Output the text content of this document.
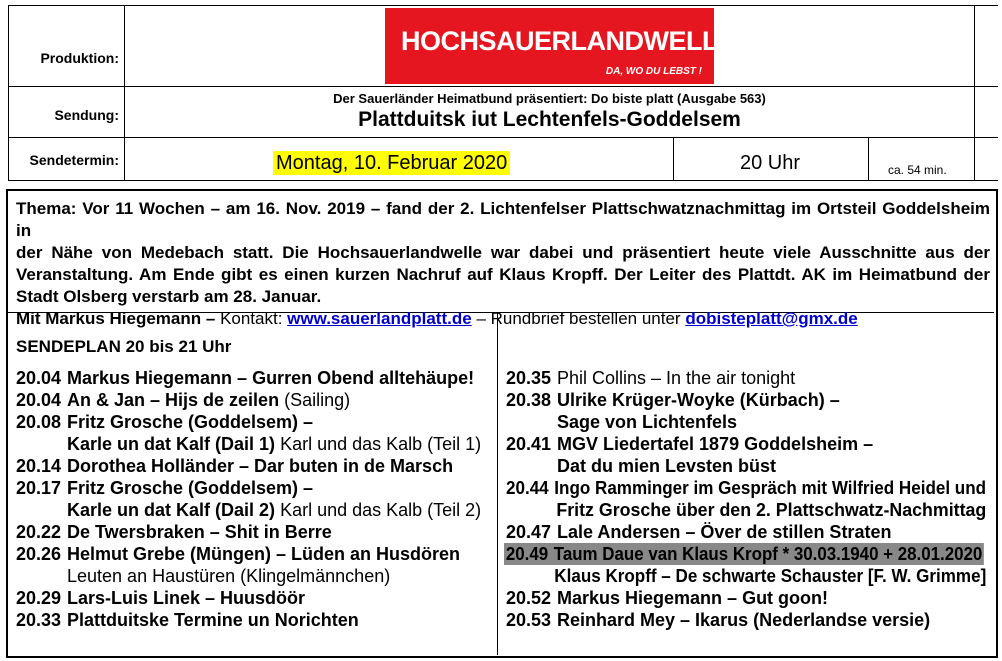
Produktion:
Sendung:
Sendetermin:
HOCHSAUERLANDWELLE
DA, WO DU LEBST !
Der Sauerländer Heimatbund präsentiert: Do biste platt (Ausgabe 563)
Plattduitsk iut Lechtenfels-Goddelsem
Montag, 10. Februar 2020	20 Uhr	ca. 54 min.
Thema: Vor 11 Wochen – am 16. Nov. 2019 – fand der 2. Lichtenfelser Plattschwatznachmittag im Ortsteil Goddelsheim in
der Nähe von Medebach statt. Die Hochsauerlandwelle war dabei und präsentiert heute viele Ausschnitte aus der
Veranstaltung. Am Ende gibt es einen kurzen Nachruf auf Klaus Kropff. Der Leiter des Plattdt. AK im Heimatbund der
Stadt Olsberg verstarb am 28. Januar.
Mit Markus Hiegemann – Kontakt: www.sauerlandplatt.de – Rundbrief bestellen unter dobisteplatt@gmx.de
SENDEPLAN 20 bis 21 Uhr
20.04 Markus Hiegemann – Gurren Obend alltehäupe!
20.04 An & Jan – Hijs de zeilen (Sailing)
20.08 Fritz Grosche (Goddelsem) –
Karle un dat Kalf (Dail 1) Karl und das Kalb (Teil 1)
20.14 Dorothea Holländer – Dar buten in de Marsch
20.17 Fritz Grosche (Goddelsem) –
Karle un dat Kalf (Dail 2) Karl und das Kalb (Teil 2)
20.22 De Twersbraken – Shit in Berre
20.26 Helmut Grebe (Müngen) – Lüden an Husdören
Leuten an Haustüren (Klingelmännchen)
20.29 Lars-Luis Linek – Huusdöör
20.33 Plattduitske Termine un Norichten
20.35 Phil Collins – In the air tonight
20.38 Ulrike Krüger-Woyke (Kürbach) –
Sage von Lichtenfels
20.41 MGV Liedertafel 1879 Goddelsheim –
Dat du mien Levsten büst
20.44 Ingo Ramminger im Gespräch mit Wilfried Heidel und
Fritz Grosche über den 2. Plattschwatz-Nachmittag
20.47 Lale Andersen – Över de stillen Straten
20.49 Taum Daue van Klaus Kropf * 30.03.1940 + 28.01.2020
Klaus Kropff – De schwarte Schauster [F. W. Grimme]
20.52 Markus Hiegemann – Gut goon!
20.53 Reinhard Mey – Ikarus (Nederlandse versie)
